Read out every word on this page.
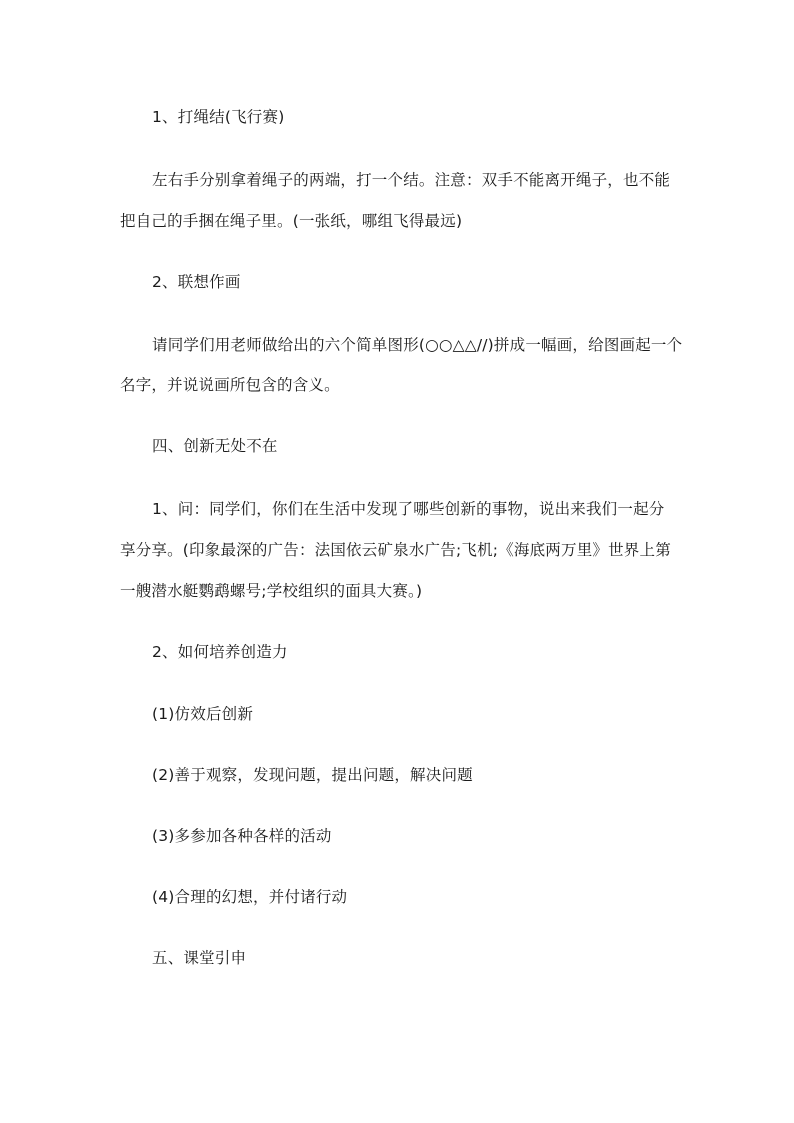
1、打绳结(飞行赛)
左右手分别拿着绳子的两端，打一个结。注意：双手不能离开绳子，也不能
把自己的手捆在绳子里。(一张纸，哪组飞得最远)
2、联想作画
请同学们用老师做给出的六个简单图形(○○△△//)拼成一幅画，给图画起一个
名字，并说说画所包含的含义。
四、创新无处不在
1、问：同学们，你们在生活中发现了哪些创新的事物，说出来我们一起分
享分享。(印象最深的广告：法国依云矿泉水广告;飞机;《海底两万里》世界上第
一艘潜水艇鹦鹉螺号;学校组织的面具大赛。)
2、如何培养创造力
(1)仿效后创新
(2)善于观察，发现问题，提出问题，解决问题
(3)多参加各种各样的活动
(4)合理的幻想，并付诸行动
五、课堂引申
